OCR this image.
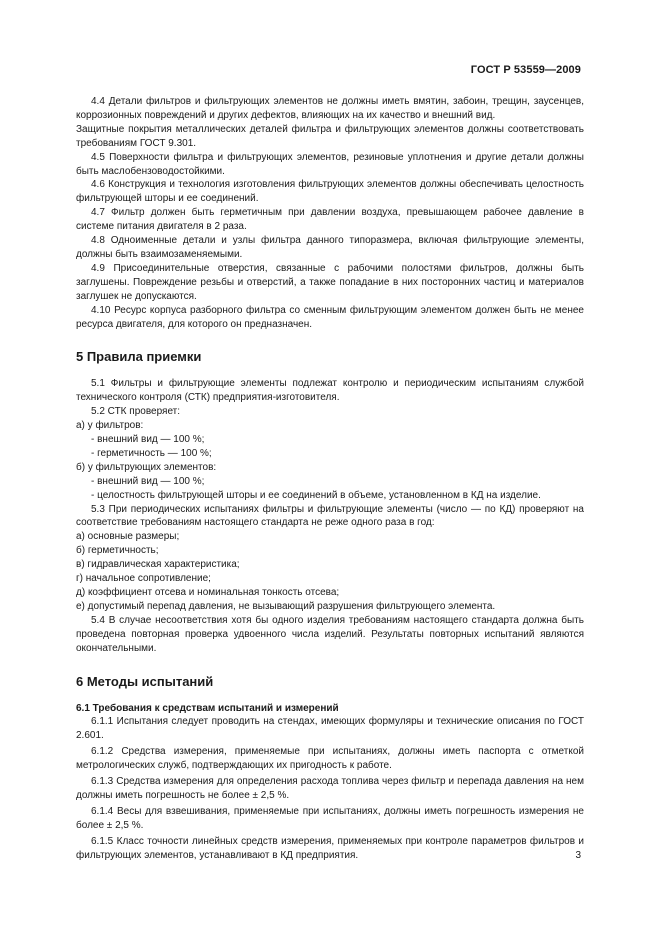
ГОСТ Р 53559—2009

4.4 Детали фильтров и фильтрующих элементов не должны иметь вмятин, забоин, трещин, заусенцев, коррозионных повреждений и других дефектов, влияющих на их качество и внешний вид.

Защитные покрытия металлических деталей фильтра и фильтрующих элементов должны соответствовать требованиям ГОСТ 9.301.

4.5 Поверхности фильтра и фильтрующих элементов, резиновые уплотнения и другие детали должны быть маслобензоводостойкими.

4.6 Конструкция и технология изготовления фильтрующих элементов должны обеспечивать целостность фильтрующей шторы и ее соединений.

4.7 Фильтр должен быть герметичным при давлении воздуха, превышающем рабочее давление в системе питания двигателя в 2 раза.

4.8 Одноименные детали и узлы фильтра данного типоразмера, включая фильтрующие элементы, должны быть взаимозаменяемыми.

4.9 Присоединительные отверстия, связанные с рабочими полостями фильтров, должны быть заглушены. Повреждение резьбы и отверстий, а также попадание в них посторонних частиц и материалов заглушек не допускаются.

4.10 Ресурс корпуса разборного фильтра со сменным фильтрующим элементом должен быть не менее ресурса двигателя, для которого он предназначен.

5 Правила приемки

5.1 Фильтры и фильтрующие элементы подлежат контролю и периодическим испытаниям службой технического контроля (СТК) предприятия-изготовителя.

5.2 СТК проверяет:

а) у фильтров:

- внешний вид — 100 %;

- герметичность — 100 %;

б) у фильтрующих элементов:

- внешний вид — 100 %;

- целостность фильтрующей шторы и ее соединений в объеме, установленном в КД на изделие.

5.3 При периодических испытаниях фильтры и фильтрующие элементы (число — по КД) проверяют на соответствие требованиям настоящего стандарта не реже одного раза в год:

а) основные размеры;

б) герметичность;

в) гидравлическая характеристика;

г) начальное сопротивление;

д) коэффициент отсева и номинальная тонкость отсева;

е) допустимый перепад давления, не вызывающий разрушения фильтрующего элемента.

5.4 В случае несоответствия хотя бы одного изделия требованиям настоящего стандарта должна быть проведена повторная проверка удвоенного числа изделий. Результаты повторных испытаний являются окончательными.

6 Методы испытаний

6.1 Требования к средствам испытаний и измерений

6.1.1 Испытания следует проводить на стендах, имеющих формуляры и технические описания по ГОСТ 2.601.

6.1.2 Средства измерения, применяемые при испытаниях, должны иметь паспорта с отметкой метрологических служб, подтверждающих их пригодность к работе.

6.1.3 Средства измерения для определения расхода топлива через фильтр и перепада давления на нем должны иметь погрешность не более ± 2,5 %.

6.1.4 Весы для взвешивания, применяемые при испытаниях, должны иметь погрешность измерения не более ± 2,5 %.

6.1.5 Класс точности линейных средств измерения, применяемых при контроле параметров фильтров и фильтрующих элементов, устанавливают в КД предприятия.	3
